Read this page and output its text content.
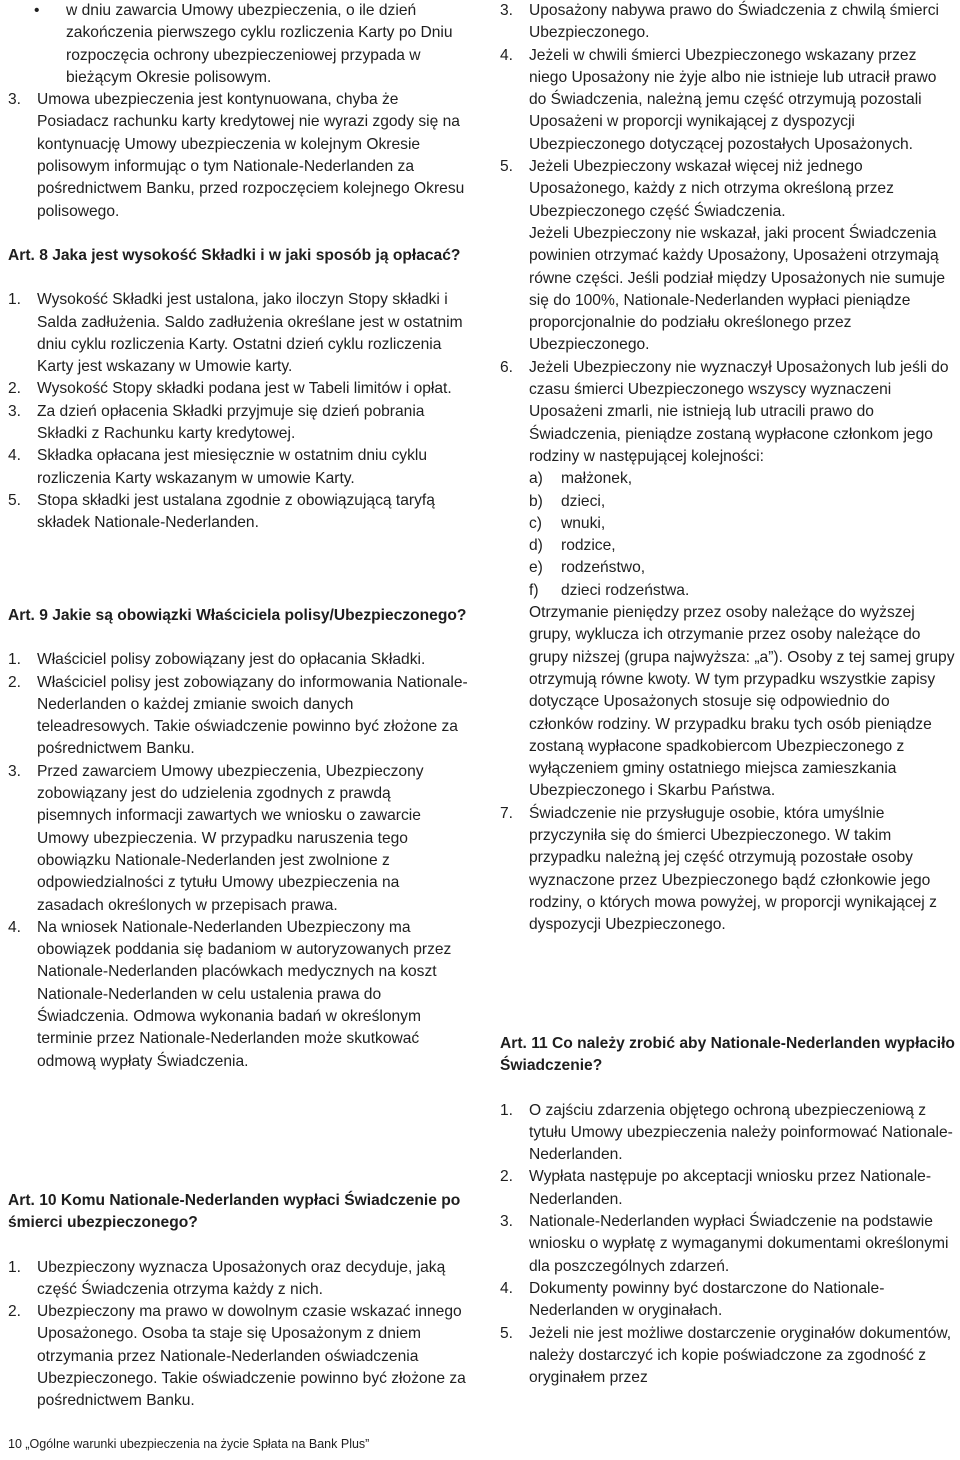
• w dniu zawarcia Umowy ubezpieczenia, o ile dzień zakończenia pierwszego cyklu rozliczenia Karty po Dniu rozpoczęcia ochrony ubezpieczeniowej przypada w bieżącym Okresie polisowym.
3. Umowa ubezpieczenia jest kontynuowana, chyba że Posiadacz rachunku karty kredytowej nie wyrazi zgody się na kontynuację Umowy ubezpieczenia w kolejnym Okresie polisowym informując o tym Nationale-Nederlanden za pośrednictwem Banku, przed rozpoczęciem kolejnego Okresu polisowego.

Art. 8 Jaka jest wysokość Składki i w jaki sposób ją opłacać?

1. Wysokość Składki jest ustalona, jako iloczyn Stopy składki i Salda zadłużenia. Saldo zadłużenia określane jest w ostatnim dniu cyklu rozliczenia Karty. Ostatni dzień cyklu rozliczenia Karty jest wskazany w Umowie karty.
2. Wysokość Stopy składki podana jest w Tabeli limitów i opłat.
3. Za dzień opłacenia Składki przyjmuje się dzień pobrania Składki z Rachunku karty kredytowej.
4. Składka opłacana jest miesięcznie w ostatnim dniu cyklu rozliczenia Karty wskazanym w umowie Karty.
5. Stopa składki jest ustalana zgodnie z obowiązującą taryfą składek Nationale-Nederlanden.

Art. 9 Jakie są obowiązki Właściciela polisy/Ubezpieczonego?

1. Właściciel polisy zobowiązany jest do opłacania Składki.
2. Właściciel polisy jest zobowiązany do informowania Nationale-Nederlanden o każdej zmianie swoich danych teleadresowych. Takie oświadczenie powinno być złożone za pośrednictwem Banku.
3. Przed zawarciem Umowy ubezpieczenia, Ubezpieczony zobowiązany jest do udzielenia zgodnych z prawdą pisemnych informacji zawartych we wniosku o zawarcie Umowy ubezpieczenia. W przypadku naruszenia tego obowiązku Nationale-Nederlanden jest zwolnione z odpowiedzialności z tytułu Umowy ubezpieczenia na zasadach określonych w przepisach prawa.
4. Na wniosek Nationale-Nederlanden Ubezpieczony ma obowiązek poddania się badaniom w autoryzowanych przez Nationale-Nederlanden placówkach medycznych na koszt Nationale-Nederlanden w celu ustalenia prawa do Świadczenia. Odmowa wykonania badań w określonym terminie przez Nationale-Nederlanden może skutkować odmową wypłaty Świadczenia.

Art. 10 Komu Nationale-Nederlanden wypłaci Świadczenie po śmierci ubezpieczonego?

1. Ubezpieczony wyznacza Uposażonych oraz decyduje, jaką część Świadczenia otrzyma każdy z nich.
2. Ubezpieczony ma prawo w dowolnym czasie wskazać innego Uposażonego. Osoba ta staje się Uposażonym z dniem otrzymania przez Nationale-Nederlanden oświadczenia Ubezpieczonego. Takie oświadczenie powinno być złożone za pośrednictwem Banku.
3. Uposażony nabywa prawo do Świadczenia z chwilą śmierci Ubezpieczonego.
4. Jeżeli w chwili śmierci Ubezpieczonego wskazany przez niego Uposażony nie żyje albo nie istnieje lub utracił prawo do Świadczenia, należną jemu część otrzymują pozostali Uposażeni w proporcji wynikającej z dyspozycji Ubezpieczonego dotyczącej pozostałych Uposażonych.
5. Jeżeli Ubezpieczony wskazał więcej niż jednego Uposażonego, każdy z nich otrzyma określoną przez Ubezpieczonego część Świadczenia.
Jeżeli Ubezpieczony nie wskazał, jaki procent Świadczenia powinien otrzymać każdy Uposażony, Uposażeni otrzymają równe części. Jeśli podział między Uposażonych nie sumuje się do 100%, Nationale-Nederlanden wypłaci pieniądze proporcjonalnie do podziału określonego przez Ubezpieczonego.
6. Jeżeli Ubezpieczony nie wyznaczył Uposażonych lub jeśli do czasu śmierci Ubezpieczonego wszyscy wyznaczeni Uposażeni zmarli, nie istnieją lub utracili prawo do Świadczenia, pieniądze zostaną wypłacone członkom jego rodziny w następującej kolejności:
a) małżonek,
b) dzieci,
c) wnuki,
d) rodzice,
e) rodzeństwo,
f) dzieci rodzeństwa.
Otrzymanie pieniędzy przez osoby należące do wyższej grupy, wyklucza ich otrzymanie przez osoby należące do grupy niższej (grupa najwyższa: „a”). Osoby z tej samej grupy otrzymują równe kwoty. W tym przypadku wszystkie zapisy dotyczące Uposażonych stosuje się odpowiednio do członków rodziny. W przypadku braku tych osób pieniądze zostaną wypłacone spadkobiercom Ubezpieczonego z wyłączeniem gminy ostatniego miejsca zamieszkania Ubezpieczonego i Skarbu Państwa.
7. Świadczenie nie przysługuje osobie, która umyślnie przyczyniła się do śmierci Ubezpieczonego. W takim przypadku należną jej część otrzymują pozostałe osoby wyznaczone przez Ubezpieczonego bądź członkowie jego rodziny, o których mowa powyżej, w proporcji wynikającej z dyspozycji Ubezpieczonego.

Art. 11 Co należy zrobić aby Nationale-Nederlanden wypłaciło Świadczenie?

1. O zajściu zdarzenia objętego ochroną ubezpieczeniową z tytułu Umowy ubezpieczenia należy poinformować Nationale-Nederlanden.
2. Wypłata następuje po akceptacji wniosku przez Nationale-Nederlanden.
3. Nationale-Nederlanden wypłaci Świadczenie na podstawie wniosku o wypłatę z wymaganymi dokumentami określonymi dla poszczególnych zdarzeń.
4. Dokumenty powinny być dostarczone do Nationale-Nederlanden w oryginałach.
5. Jeżeli nie jest możliwe dostarczenie oryginałów dokumentów, należy dostarczyć ich kopie poświadczone za zgodność z oryginałem przez
10 „Ogólne warunki ubezpieczenia na życie Spłata na Bank Plus”
